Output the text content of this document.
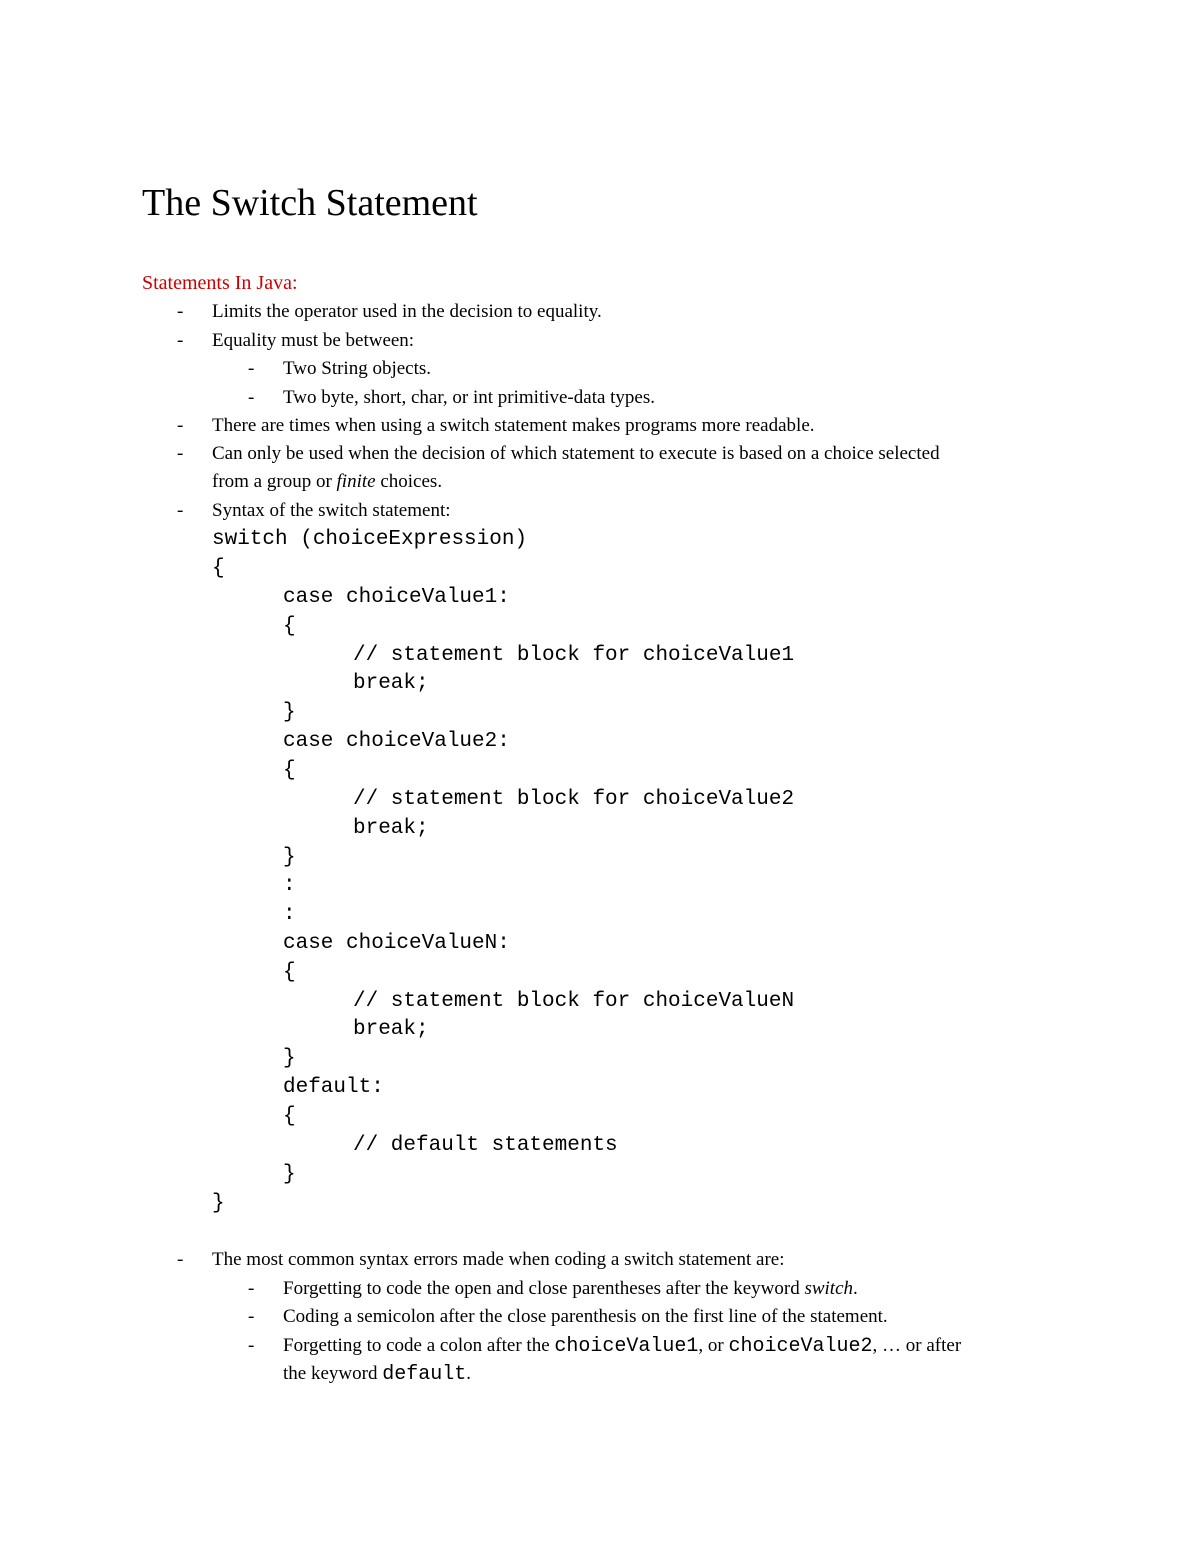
The Switch Statement
Statements In Java:
- Limits the operator used in the decision to equality.
- Equality must be between:
- Two String objects.
- Two byte, short, char, or int primitive-data types.
- There are times when using a switch statement makes programs more readable.
- Can only be used when the decision of which statement to execute is based on a choice selected
from a group or finite choices.
- Syntax of the switch statement:
switch (choiceExpression)
{
case choiceValue1:
{
// statement block for choiceValue1
break;
}
case choiceValue2:
{
// statement block for choiceValue2
break;
}
:
:
case choiceValueN:
{
// statement block for choiceValueN
break;
}
default:
{
// default statements
}
}
- The most common syntax errors made when coding a switch statement are:
- Forgetting to code the open and close parentheses after the keyword switch.
- Coding a semicolon after the close parenthesis on the first line of the statement.
- Forgetting to code a colon after the choiceValue1, or choiceValue2, … or after
the keyword default.
